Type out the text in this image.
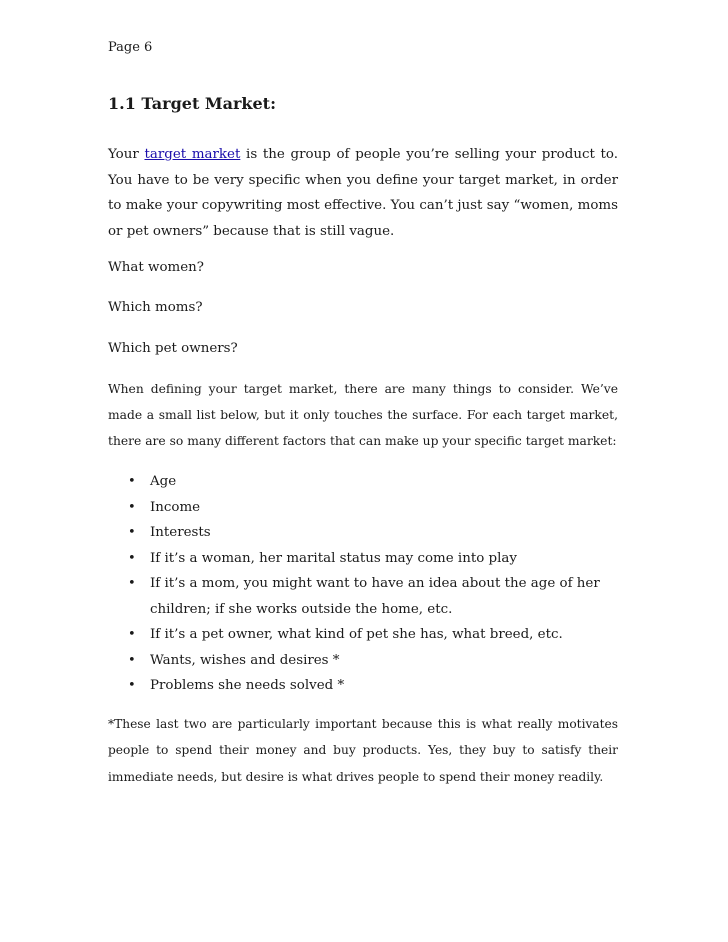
Page 6

1.1 Target Market:

Your target market is the group of people you’re selling your product to. You have to be very specific when you define your target market, in order to make your copywriting most effective. You can’t just say “women, moms or pet owners” because that is still vague.

What women?

Which moms?

Which pet owners?

When defining your target market, there are many things to consider. We’ve made a small list below, but it only touches the surface. For each target market, there are so many different factors that can make up your specific target market:

• Age
• Income
• Interests
• If it’s a woman, her marital status may come into play
• If it’s a mom, you might want to have an idea about the age of her children; if she works outside the home, etc.
• If it’s a pet owner, what kind of pet she has, what breed, etc.
• Wants, wishes and desires *
• Problems she needs solved *

*These last two are particularly important because this is what really motivates people to spend their money and buy products. Yes, they buy to satisfy their immediate needs, but desire is what drives people to spend their money readily.
